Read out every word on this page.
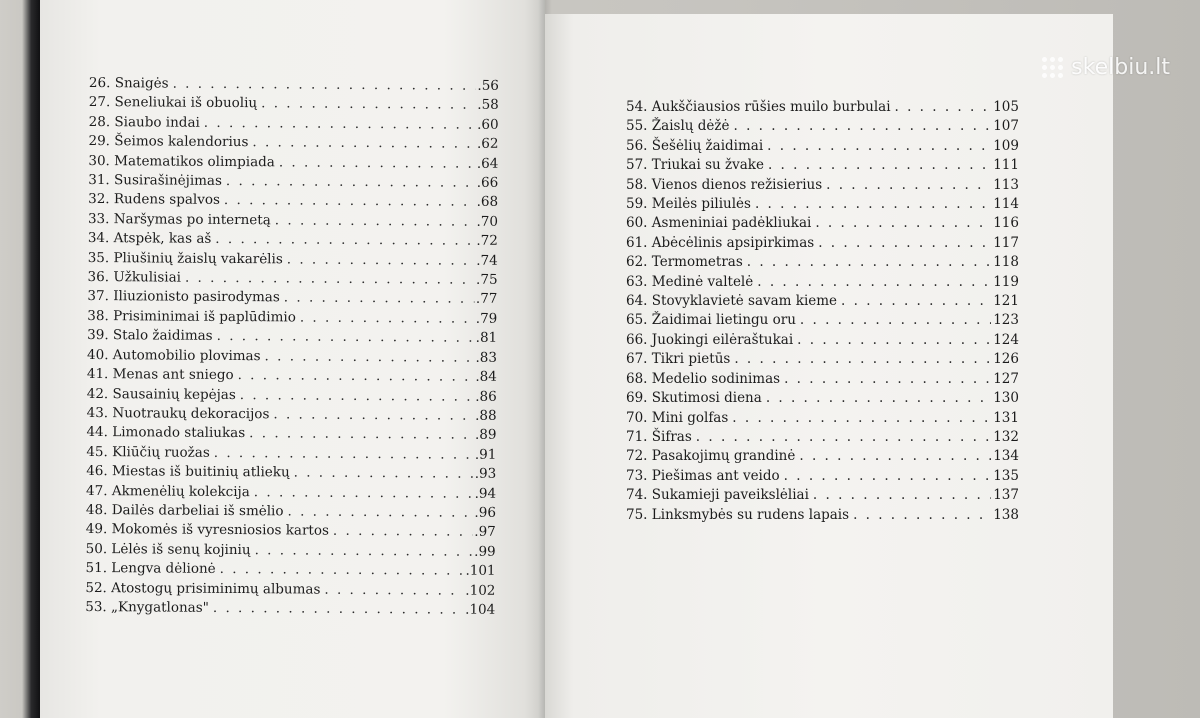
26. Snaigės . . .	.56
27. Seneliukai iš obuolių . . .	.58
28. Siaubo indai . . .	.60
29. Šeimos kalendorius . . .	.62
30. Matematikos olimpiada . . .	.64
31. Susirašinėjimas . . .	.66
32. Rudens spalvos . . .	.68
33. Naršymas po internetą . . .	.70
34. Atspėk, kas aš . . .	.72
35. Pliušinių žaislų vakarėlis . . .	.74
36. Užkulisiai . . .	.75
37. Iliuzionisto pasirodymas . . .	.77
38. Prisiminimai iš paplūdimio . . .	.79
39. Stalo žaidimas . . .	.81
40. Automobilio plovimas . . .	.83
41. Menas ant sniego . . .	.84
42. Sausainių kepėjas . . .	.86
43. Nuotraukų dekoracijos . . .	.88
44. Limonado staliukas . . .	.89
45. Kliūčių ruožas . . .	.91
46. Miestas iš buitinių atliekų . . .	.93
47. Akmenėlių kolekcija . . .	.94
48. Dailės darbeliai iš smėlio . . .	.96
49. Mokomės iš vyresniosios kartos . . .	.97
50. Lėlės iš senų kojinių . . .	.99
51. Lengva dėlionė . . .	.101
52. Atostogų prisiminimų albumas . . .	.102
53. „Knygatlonas" . . .	.104
54. Aukščiausios rūšies muilo burbulai . . .	105
55. Žaislų dėžė . . .	107
56. Šešėlių žaidimai . . .	109
57. Triukai su žvake . . .	111
58. Vienos dienos režisierius . . .	113
59. Meilės piliulės . . .	114
60. Asmeniniai padėkliukai . . .	116
61. Abėcėlinis apsipirkimas . . .	117
62. Termometras . . .	118
63. Medinė valtelė . . .	119
64. Stovyklavietė savam kieme . . .	121
65. Žaidimai lietingu oru . . .	123
66. Juokingi eilėraštukai . . .	124
67. Tikri pietūs . . .	126
68. Medelio sodinimas . . .	127
69. Skutimosi diena . . .	130
70. Mini golfas . . .	131
71. Šifras . . .	132
72. Pasakojimų grandinė . . .	134
73. Piešimas ant veido . . .	135
74. Sukamieji paveikslėliai . . .	137
75. Linksmybės su rudens lapais . . .	138
skelbiu.lt
